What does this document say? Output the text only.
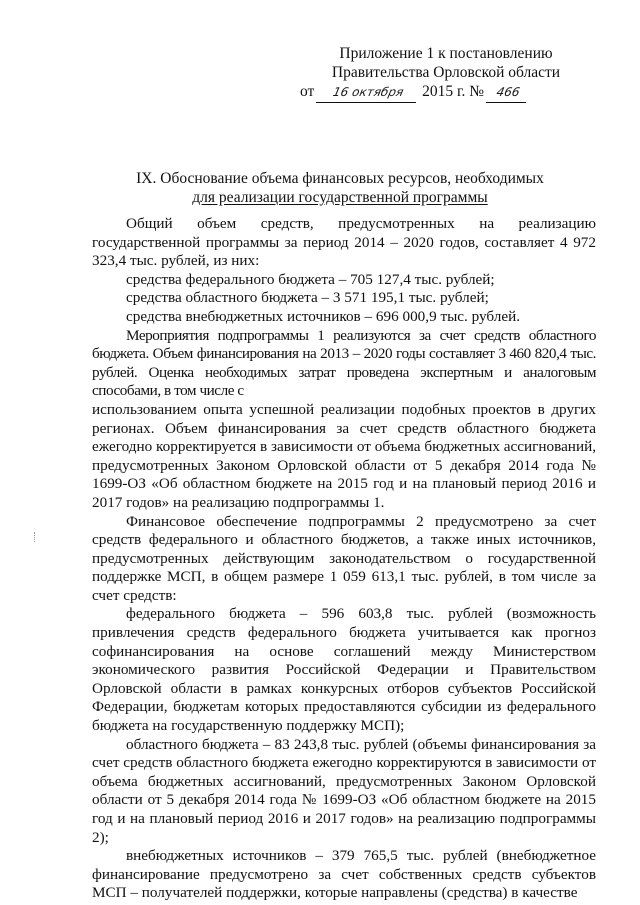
Приложение 1 к постановлению
Правительства Орловской области
от 16 октября 2015 г. № 466
IX. Обоснование объема финансовых ресурсов, необходимых
для реализации государственной программы

Общий объем средств, предусмотренных на реализацию государственной программы за период 2014 – 2020 годов, составляет 4 972 323,4 тыс. рублей, из них:

средства федерального бюджета – 705 127,4 тыс. рублей;

средства областного бюджета – 3 571 195,1 тыс. рублей;

средства внебюджетных источников – 696 000,9 тыс. рублей.

Мероприятия подпрограммы 1 реализуются за счет средств областного бюджета. Объем финансирования на 2013 – 2020 годы составляет 3 460 820,4 тыс. рублей. Оценка необходимых затрат проведена экспертным и аналоговым способами, в том числе с

использованием опыта успешной реализации подобных проектов в других регионах. Объем финансирования за счет средств областного бюджета ежегодно корректируется в зависимости от объема бюджетных ассигнований, предусмотренных Законом Орловской области от 5 декабря 2014 года № 1699-ОЗ «Об областном бюджете на 2015 год и на плановый период 2016 и 2017 годов» на реализацию подпрограммы 1.

Финансовое обеспечение подпрограммы 2 предусмотрено за счет средств федерального и областного бюджетов, а также иных источников, предусмотренных действующим законодательством о государственной поддержке МСП, в общем размере 1 059 613,1 тыс. рублей, в том числе за счет средств:

федерального бюджета – 596 603,8 тыс. рублей (возможность привлечения средств федерального бюджета учитывается как прогноз софинансирования на основе соглашений между Министерством экономического развития Российской Федерации и Правительством Орловской области в рамках конкурсных отборов субъектов Российской Федерации, бюджетам которых предоставляются субсидии из федерального бюджета на государственную поддержку МСП);

областного бюджета – 83 243,8 тыс. рублей (объемы финансирования за счет средств областного бюджета ежегодно корректируются в зависимости от объема бюджетных ассигнований, предусмотренных Законом Орловской области от 5 декабря 2014 года № 1699-ОЗ «Об областном бюджете на 2015 год и на плановый период 2016 и 2017 годов» на реализацию подпрограммы 2);

внебюджетных источников – 379 765,5 тыс. рублей (внебюджетное финансирование предусмотрено за счет собственных средств субъектов МСП – получателей поддержки, которые направлены (средства) в качестве
